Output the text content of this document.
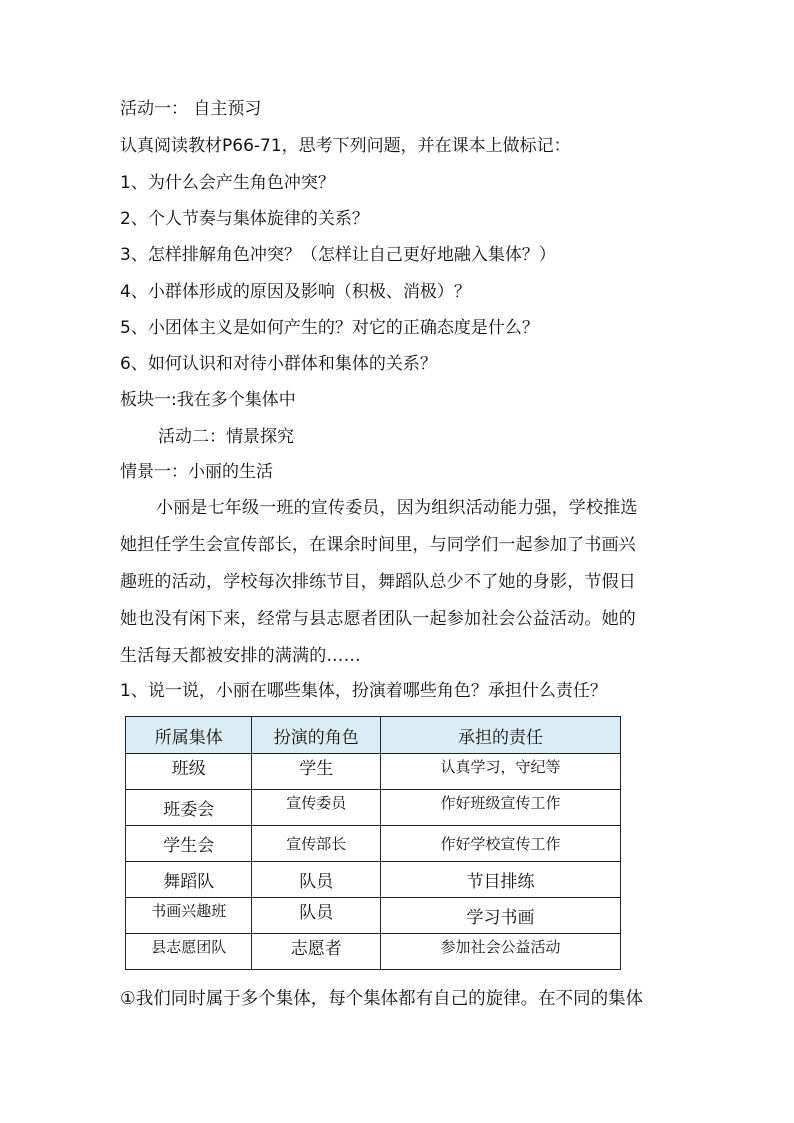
活动一： 自主预习
认真阅读教材P66-71，思考下列问题，并在课本上做标记：
1、为什么会产生角色冲突？
2、个人节奏与集体旋律的关系？
3、怎样排解角色冲突？（怎样让自己更好地融入集体？）
4、小群体形成的原因及影响（积极、消极）？
5、小团体主义是如何产生的？对它的正确态度是什么？
6、如何认识和对待小群体和集体的关系？
板块一:我在多个集体中
活动二：情景探究
情景一：小丽的生活
小丽是七年级一班的宣传委员，因为组织活动能力强，学校推选
她担任学生会宣传部长，在课余时间里，与同学们一起参加了书画兴
趣班的活动，学校每次排练节目，舞蹈队总少不了她的身影，节假日
她也没有闲下来，经常与县志愿者团队一起参加社会公益活动。她的
生活每天都被安排的满满的……
1、说一说，小丽在哪些集体，扮演着哪些角色？承担什么责任？
所属集体	扮演的角色	承担的责任
班级	学生	认真学习，守纪等
班委会	宣传委员	作好班级宣传工作
学生会	宣传部长	作好学校宣传工作
舞蹈队	队员	节目排练
书画兴趣班	队员	学习书画
县志愿团队	志愿者	参加社会公益活动
①我们同时属于多个集体，每个集体都有自己的旋律。在不同的集体
